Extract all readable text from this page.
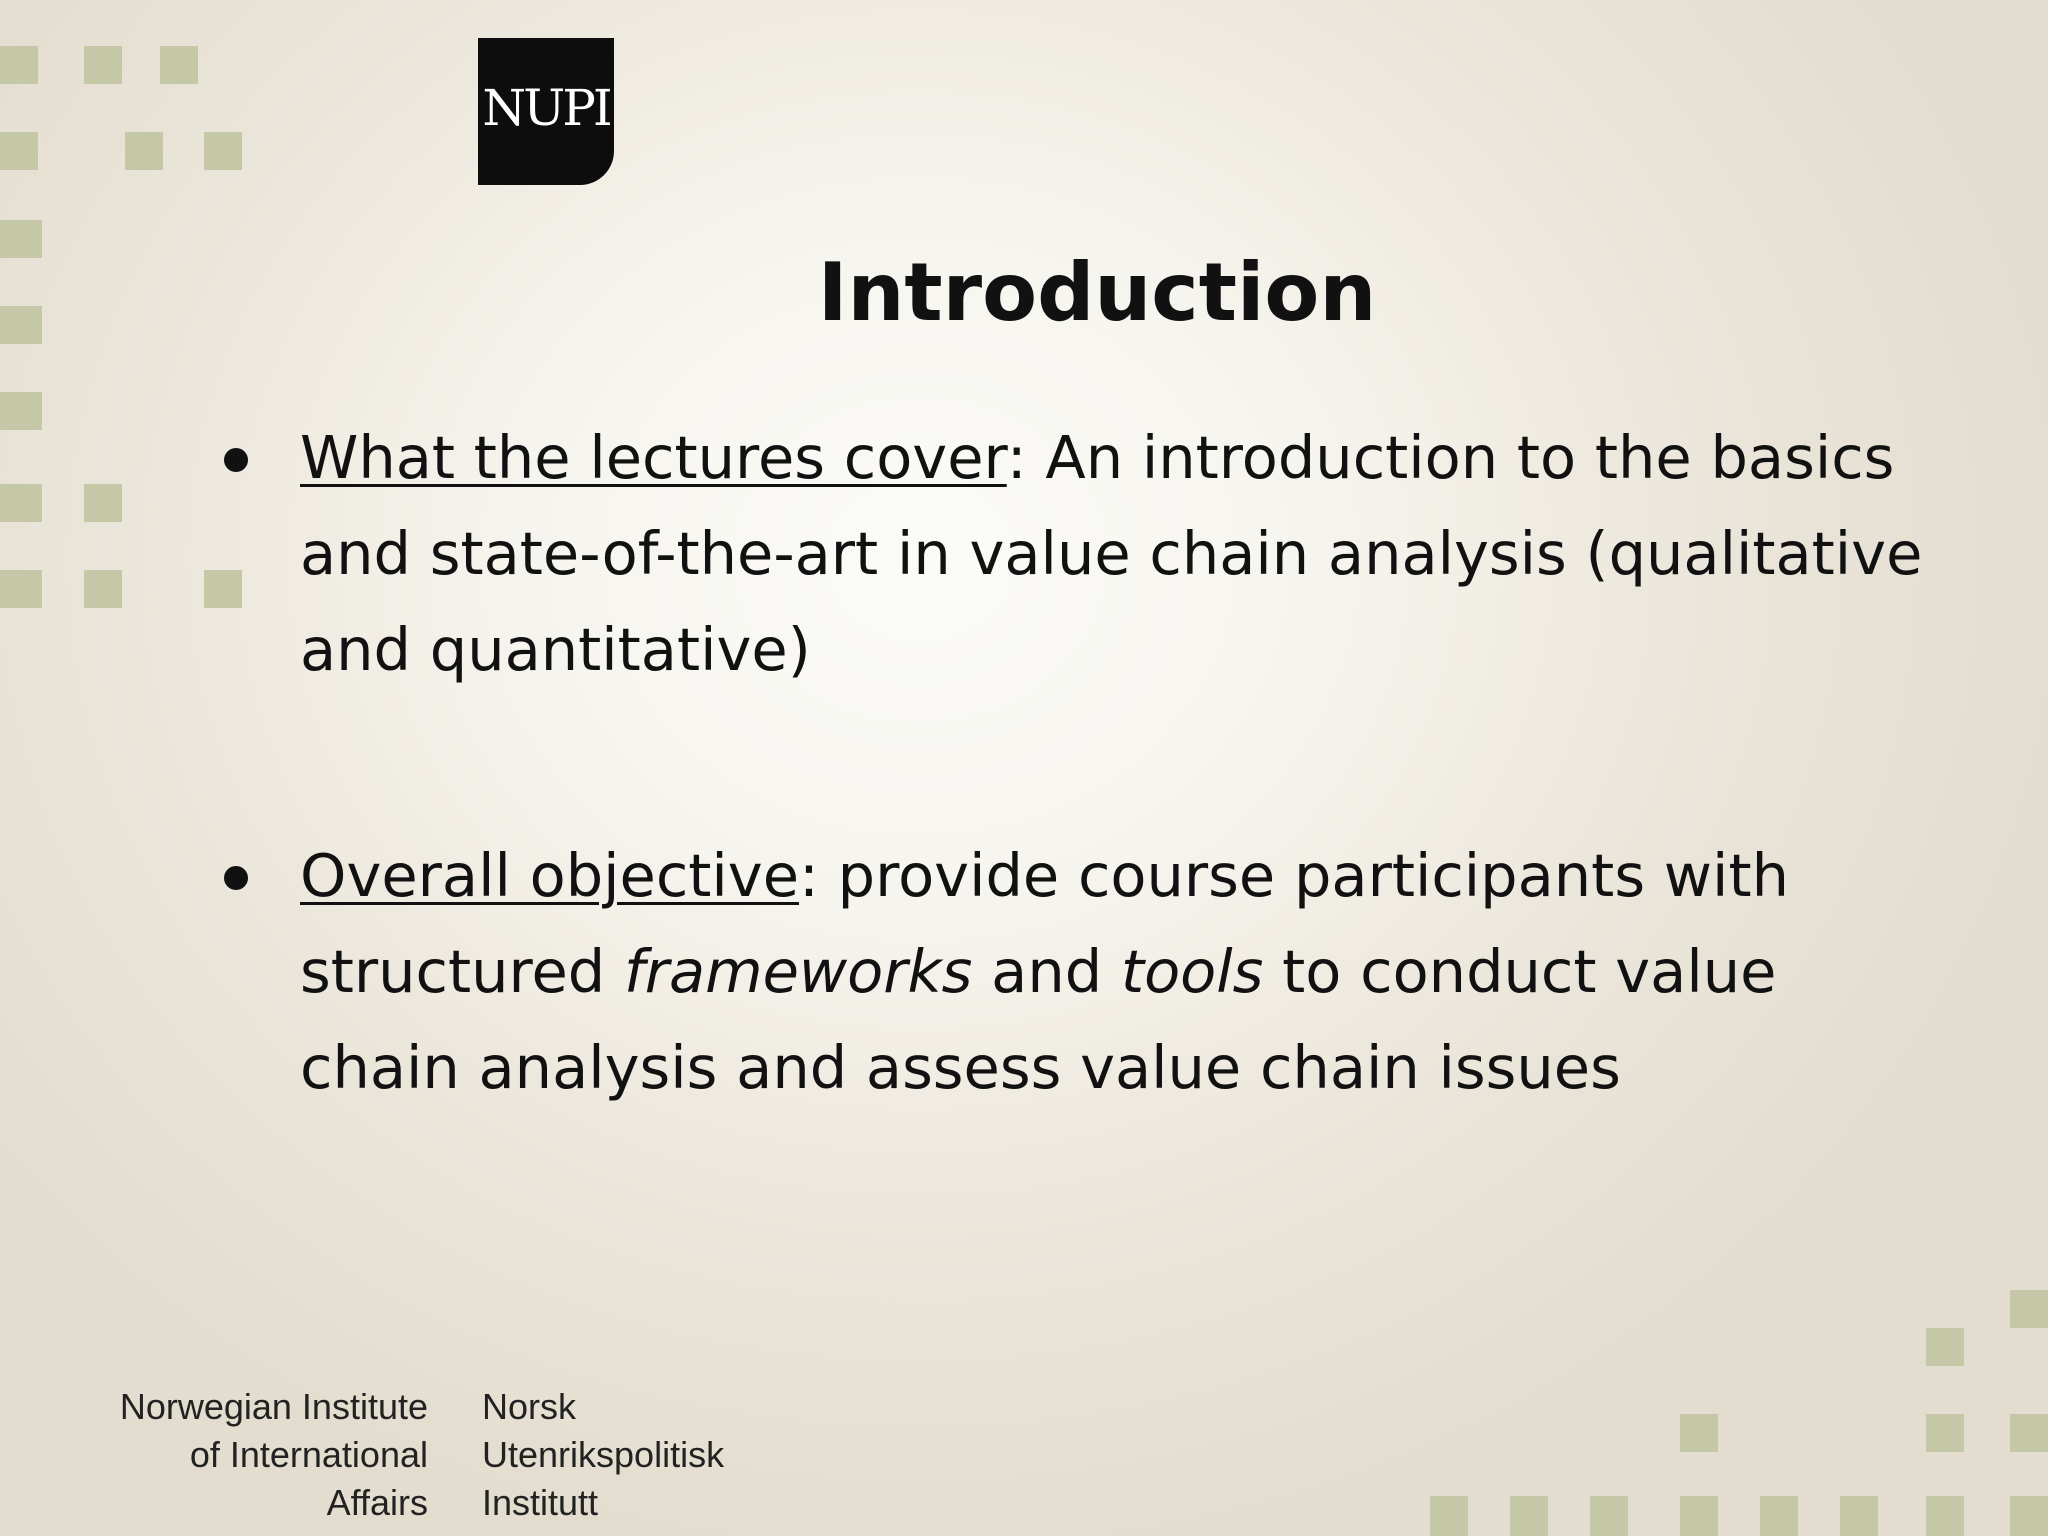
NUPI
Introduction
What the lectures cover: An introduction to the basics and state-of-the-art in value chain analysis (qualitative and quantitative)
Overall objective: provide course participants with structured frameworks and tools to conduct value chain analysis and assess value chain issues
Norwegian Institute
of International
Affairs
Norsk
Utenrikspolitisk
Institutt
